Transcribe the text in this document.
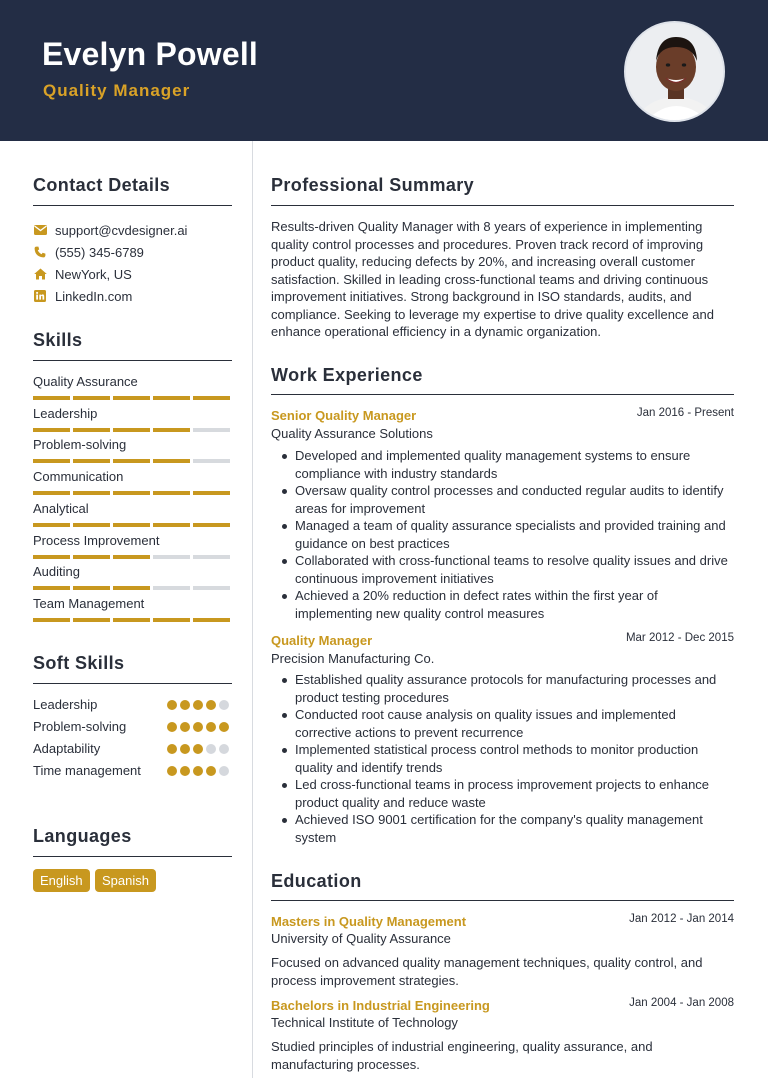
Evelyn Powell
Quality Manager
Contact Details
support@cvdesigner.ai
(555) 345-6789
NewYork, US
LinkedIn.com
Skills
Quality Assurance
Leadership
Problem-solving
Communication
Analytical
Process Improvement
Auditing
Team Management
Soft Skills
Leadership
Problem-solving
Adaptability
Time management
Languages
English	Spanish
Professional Summary
Results-driven Quality Manager with 8 years of experience in implementing quality control processes and procedures. Proven track record of improving product quality, reducing defects by 20%, and increasing overall customer satisfaction. Skilled in leading cross-functional teams and driving continuous improvement initiatives. Strong background in ISO standards, audits, and compliance. Seeking to leverage my expertise to drive quality excellence and enhance operational efficiency in a dynamic organization.
Work Experience
Senior Quality Manager	Jan 2016 - Present
Quality Assurance Solutions
Developed and implemented quality management systems to ensure compliance with industry standards
Oversaw quality control processes and conducted regular audits to identify areas for improvement
Managed a team of quality assurance specialists and provided training and guidance on best practices
Collaborated with cross-functional teams to resolve quality issues and drive continuous improvement initiatives
Achieved a 20% reduction in defect rates within the first year of implementing new quality control measures
Quality Manager	Mar 2012 - Dec 2015
Precision Manufacturing Co.
Established quality assurance protocols for manufacturing processes and product testing procedures
Conducted root cause analysis on quality issues and implemented corrective actions to prevent recurrence
Implemented statistical process control methods to monitor production quality and identify trends
Led cross-functional teams in process improvement projects to enhance product quality and reduce waste
Achieved ISO 9001 certification for the company's quality management system
Education
Masters in Quality Management	Jan 2012 - Jan 2014
University of Quality Assurance
Focused on advanced quality management techniques, quality control, and process improvement strategies.
Bachelors in Industrial Engineering	Jan 2004 - Jan 2008
Technical Institute of Technology
Studied principles of industrial engineering, quality assurance, and manufacturing processes.
